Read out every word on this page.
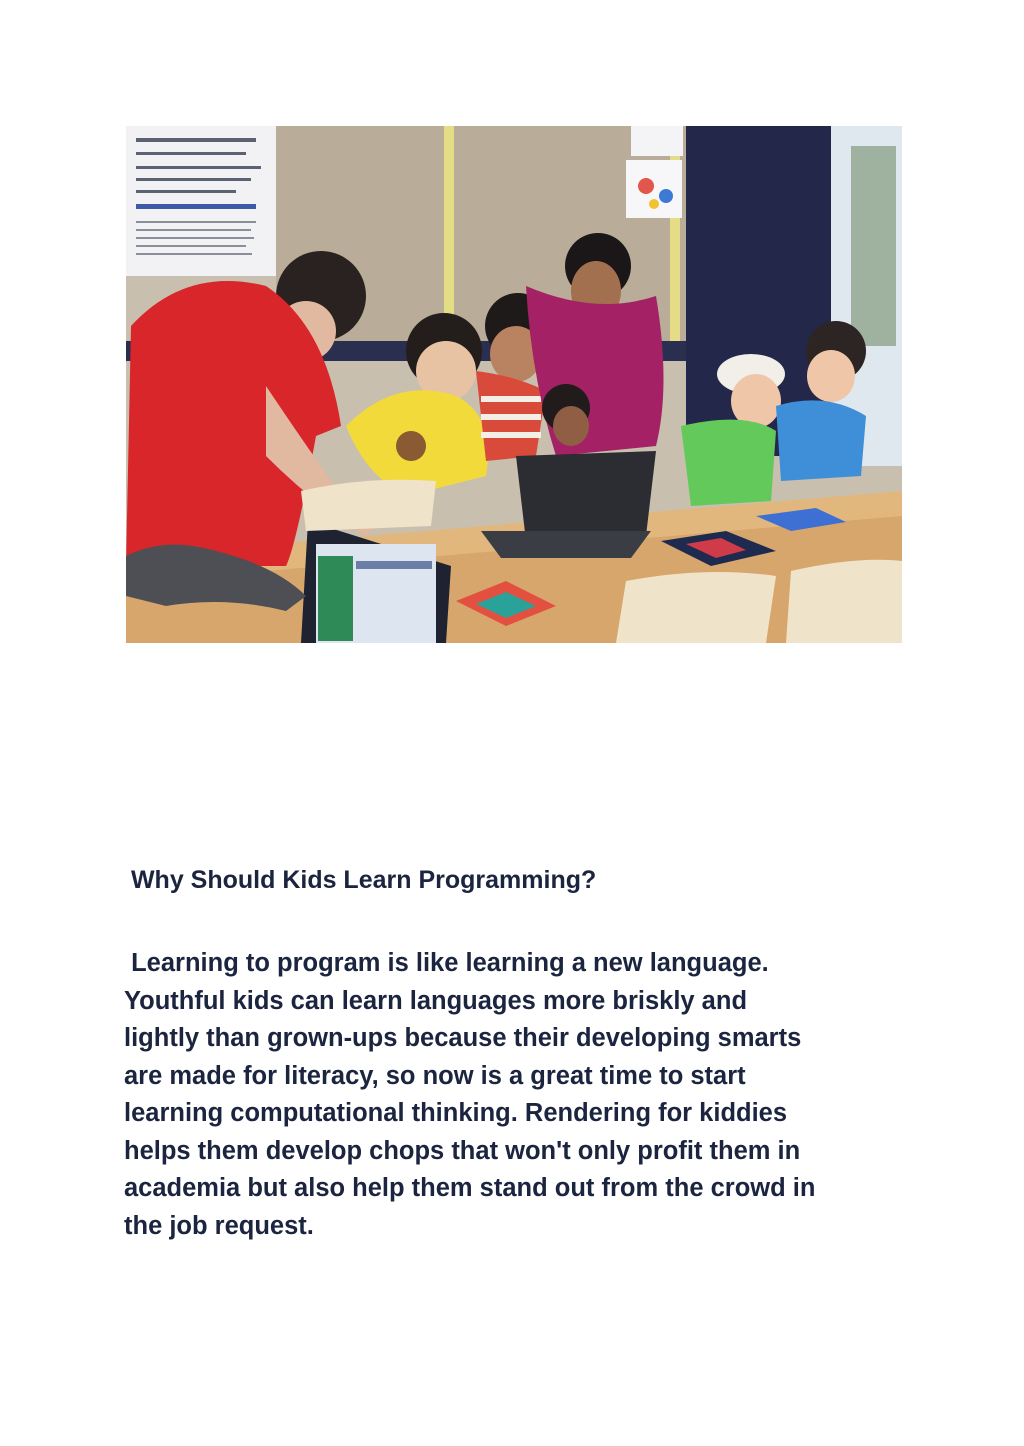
Why Should Kids Learn Programming?

Learning to program is like learning a new language.
Youthful kids can learn languages more briskly and
lightly than grown-ups because their developing smarts
are made for literacy, so now is a great time to start
learning computational thinking. Rendering for kiddies
helps them develop chops that won't only profit them in
academia but also help them stand out from the crowd in
the job request.
